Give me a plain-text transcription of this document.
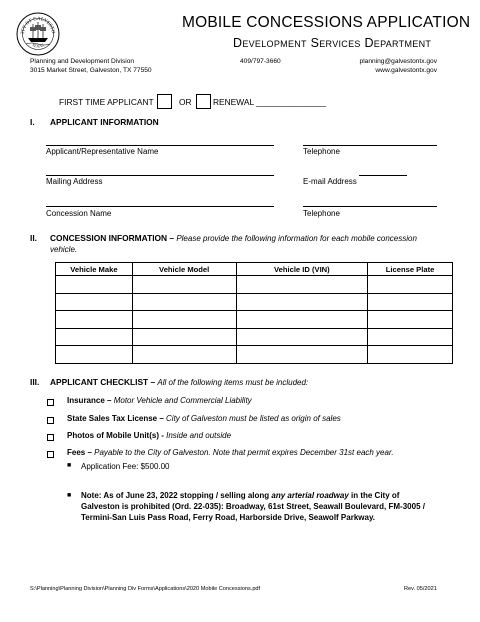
ITY OF GALVESTO
TEXAS
MOBILE CONCESSIONS APPLICATION
Development Services Department
Planning and Development Division
3015 Market Street, Galveston, TX 77550
409/797-3660	planning@galvestontx.gov
www.galvestontx.gov
FIRST TIME APPLICANT	OR	RENEWAL _______________
I. APPLICANT INFORMATION
Applicant/Representative Name	Telephone
Mailing Address	E-mail Address
Concession Name	Telephone
II. CONCESSION INFORMATION – Please provide the following information for each mobile concession vehicle.
Vehicle Make	Vehicle Model	Vehicle ID (VIN)	License Plate

III. APPLICANT CHECKLIST – All of the following items must be included:
Insurance – Motor Vehicle and Commercial Liability
State Sales Tax License – City of Galveston must be listed as origin of sales
Photos of Mobile Unit(s) - Inside and outside
Fees – Payable to the City of Galveston. Note that permit expires December 31st each year.
■ Application Fee: $500.00
■ Note: As of June 23, 2022 stopping / selling along any arterial roadway in the City of Galveston is prohibited (Ord. 22-035): Broadway, 61st Street, Seawall Boulevard, FM-3005 / Termini-San Luis Pass Road, Ferry Road, Harborside Drive, Seawolf Parkway.
S:\Planning\Planning Division\Planning Div Forms\Applications\2020 Mobile Concessions.pdf	Rev. 05/2021
